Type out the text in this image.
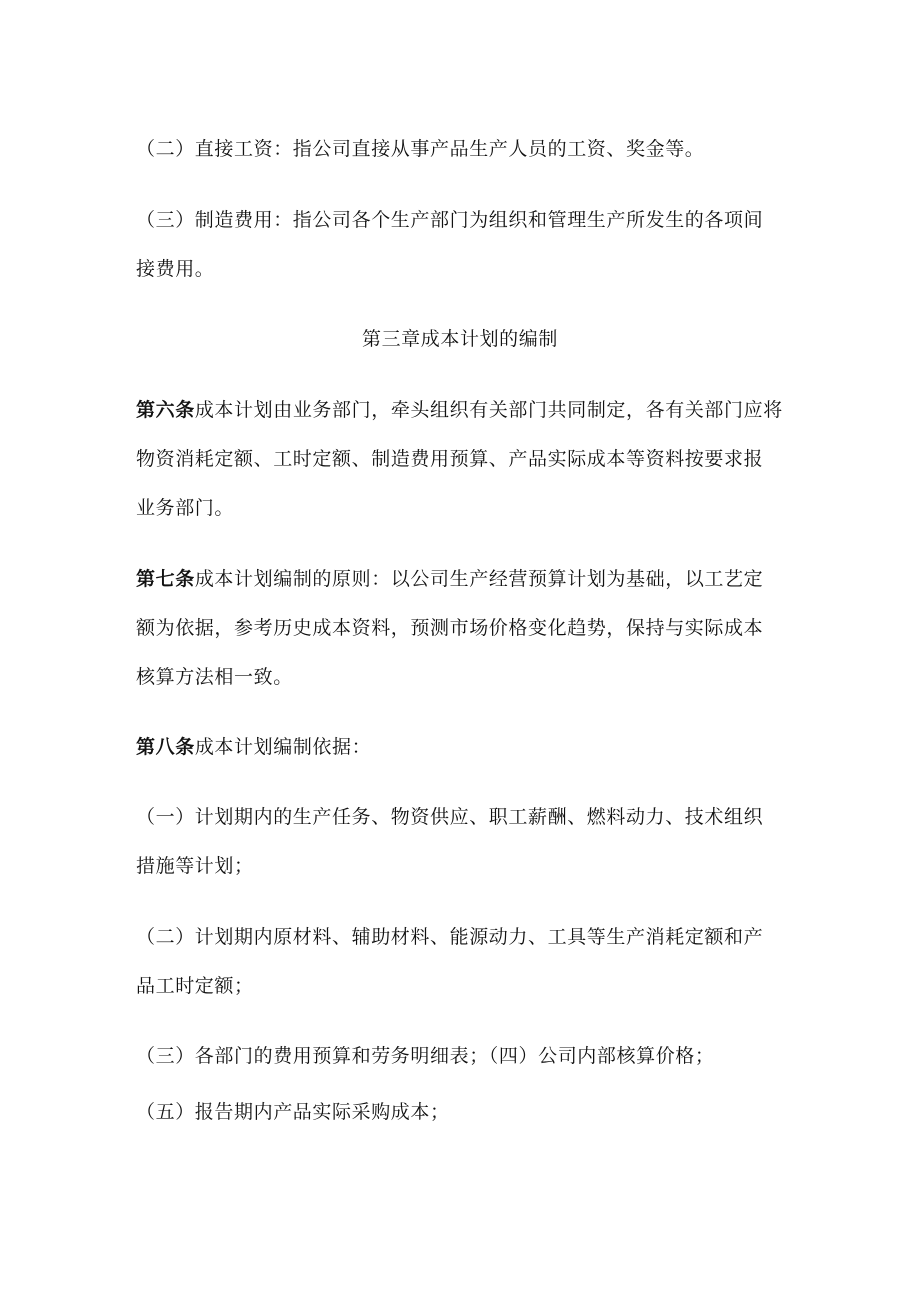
（二）直接工资：指公司直接从事产品生产人员的工资、奖金等。
（三）制造费用：指公司各个生产部门为组织和管理生产所发生的各项间
接费用。
第三章成本计划的编制
第六条成本计划由业务部门，牵头组织有关部门共同制定，各有关部门应将
物资消耗定额、工时定额、制造费用预算、产品实际成本等资料按要求报
业务部门。
第七条成本计划编制的原则：以公司生产经营预算计划为基础，以工艺定
额为依据，参考历史成本资料，预测市场价格变化趋势，保持与实际成本
核算方法相一致。
第八条成本计划编制依据：
（一）计划期内的生产任务、物资供应、职工薪酬、燃料动力、技术组织
措施等计划；
（二）计划期内原材料、辅助材料、能源动力、工具等生产消耗定额和产
品工时定额；
（三）各部门的费用预算和劳务明细表；（四）公司内部核算价格；
（五）报告期内产品实际采购成本；
